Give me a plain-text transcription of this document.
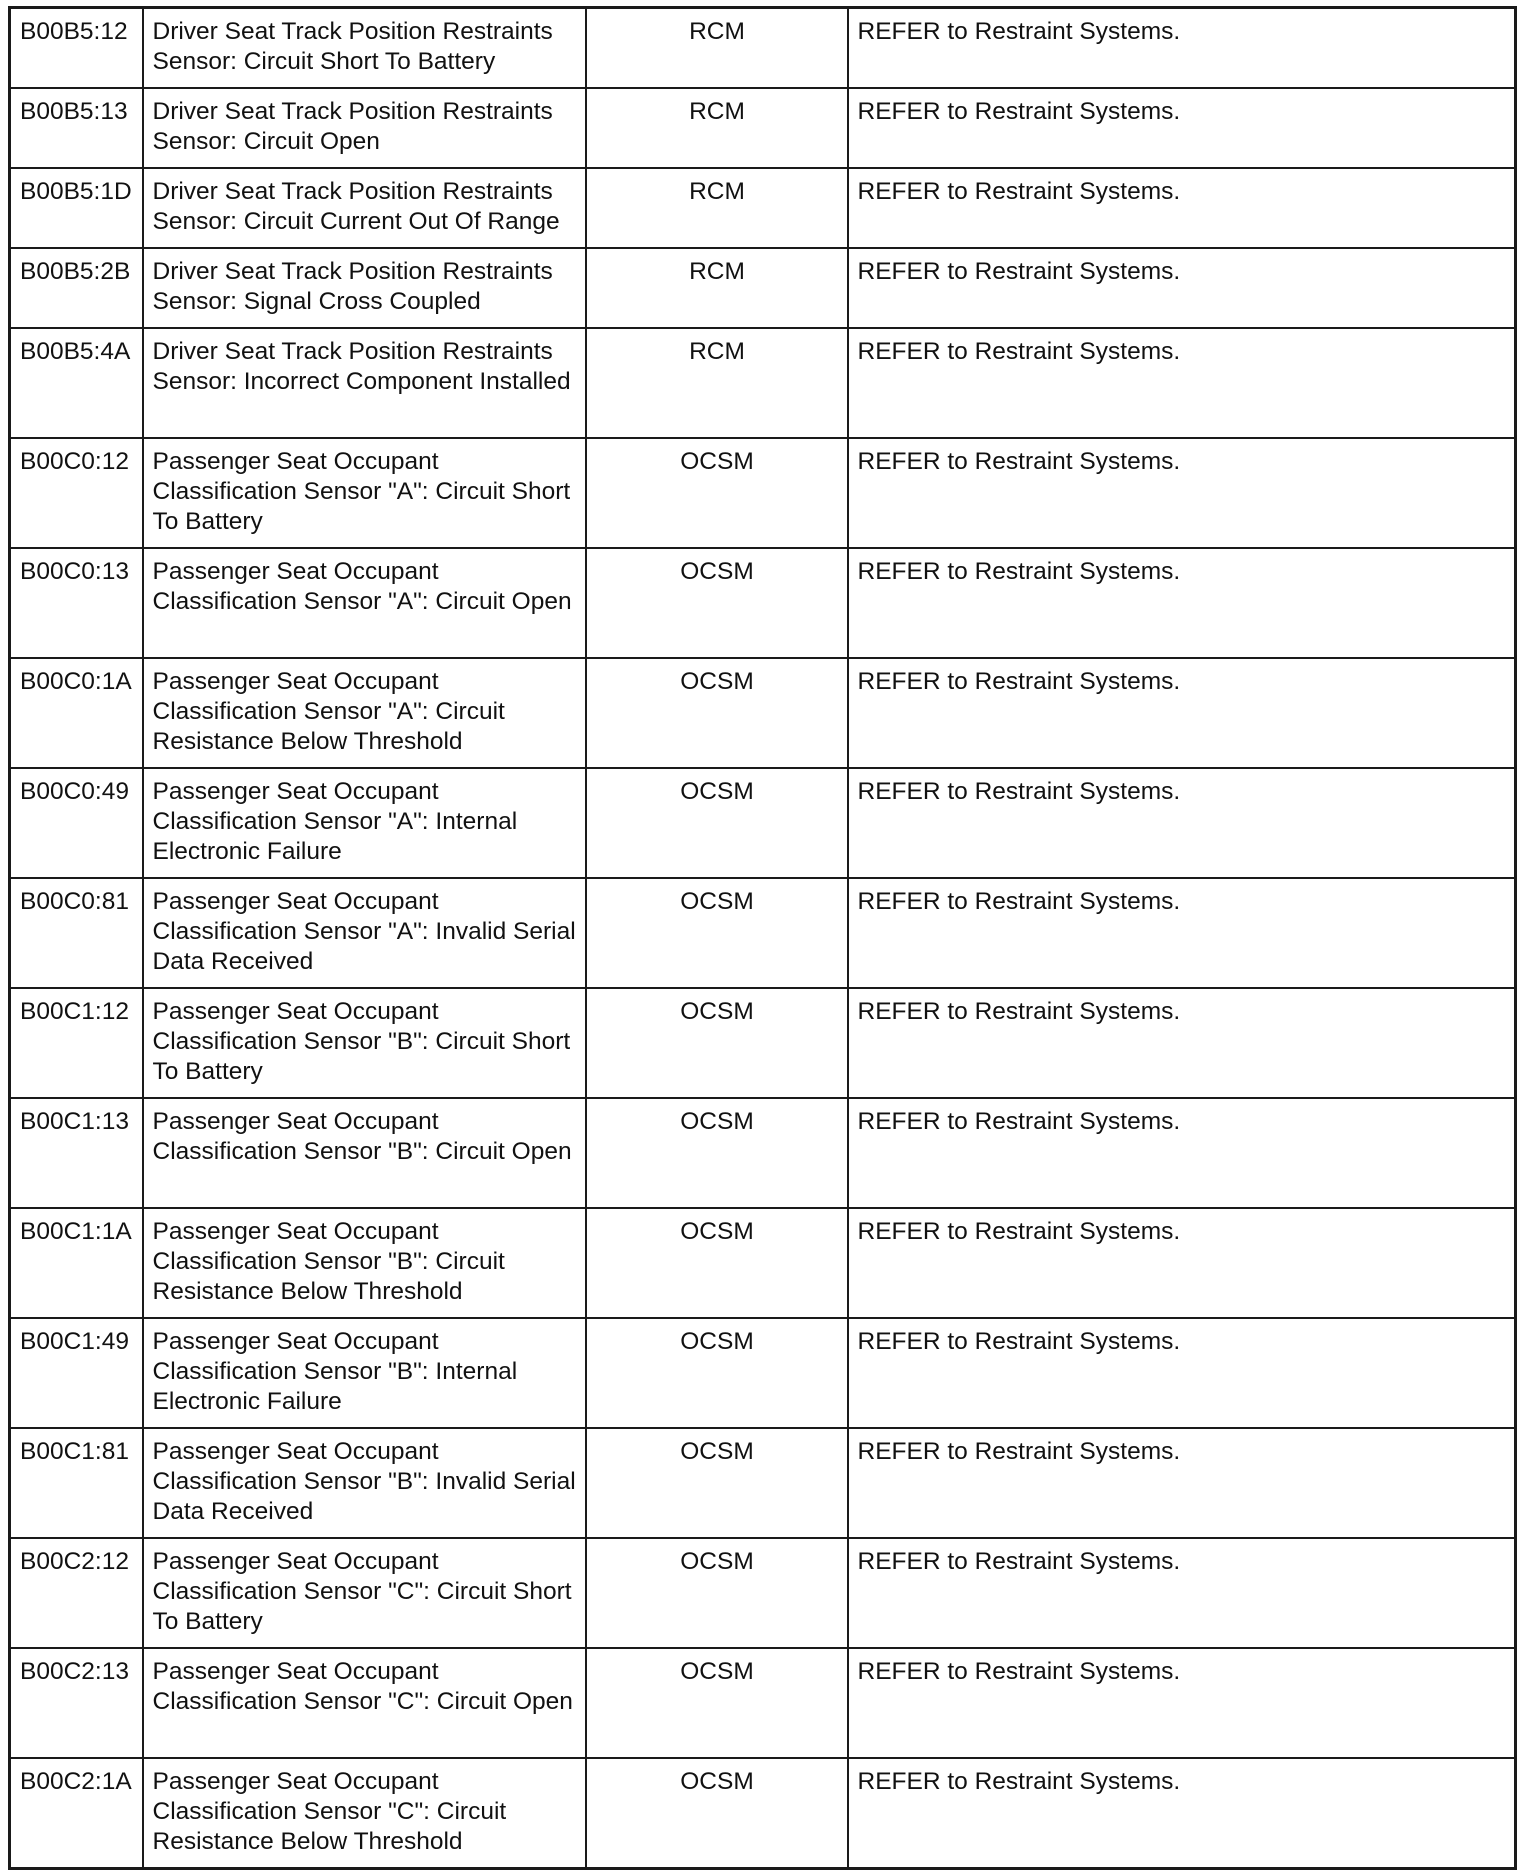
B00B5:12	Driver Seat Track Position Restraints Sensor: Circuit Short To Battery	RCM	REFER to Restraint Systems.
B00B5:13	Driver Seat Track Position Restraints Sensor: Circuit Open	RCM	REFER to Restraint Systems.
B00B5:1D	Driver Seat Track Position Restraints Sensor: Circuit Current Out Of Range	RCM	REFER to Restraint Systems.
B00B5:2B	Driver Seat Track Position Restraints Sensor: Signal Cross Coupled	RCM	REFER to Restraint Systems.
B00B5:4A	Driver Seat Track Position Restraints Sensor: Incorrect Component Installed	RCM	REFER to Restraint Systems.
B00C0:12	Passenger Seat Occupant Classification Sensor "A": Circuit Short To Battery	OCSM	REFER to Restraint Systems.
B00C0:13	Passenger Seat Occupant Classification Sensor "A": Circuit Open	OCSM	REFER to Restraint Systems.
B00C0:1A	Passenger Seat Occupant Classification Sensor "A": Circuit Resistance Below Threshold	OCSM	REFER to Restraint Systems.
B00C0:49	Passenger Seat Occupant Classification Sensor "A": Internal Electronic Failure	OCSM	REFER to Restraint Systems.
B00C0:81	Passenger Seat Occupant Classification Sensor "A": Invalid Serial Data Received	OCSM	REFER to Restraint Systems.
B00C1:12	Passenger Seat Occupant Classification Sensor "B": Circuit Short To Battery	OCSM	REFER to Restraint Systems.
B00C1:13	Passenger Seat Occupant Classification Sensor "B": Circuit Open	OCSM	REFER to Restraint Systems.
B00C1:1A	Passenger Seat Occupant Classification Sensor "B": Circuit Resistance Below Threshold	OCSM	REFER to Restraint Systems.
B00C1:49	Passenger Seat Occupant Classification Sensor "B": Internal Electronic Failure	OCSM	REFER to Restraint Systems.
B00C1:81	Passenger Seat Occupant Classification Sensor "B": Invalid Serial Data Received	OCSM	REFER to Restraint Systems.
B00C2:12	Passenger Seat Occupant Classification Sensor "C": Circuit Short To Battery	OCSM	REFER to Restraint Systems.
B00C2:13	Passenger Seat Occupant Classification Sensor "C": Circuit Open	OCSM	REFER to Restraint Systems.
B00C2:1A	Passenger Seat Occupant Classification Sensor "C": Circuit Resistance Below Threshold	OCSM	REFER to Restraint Systems.
